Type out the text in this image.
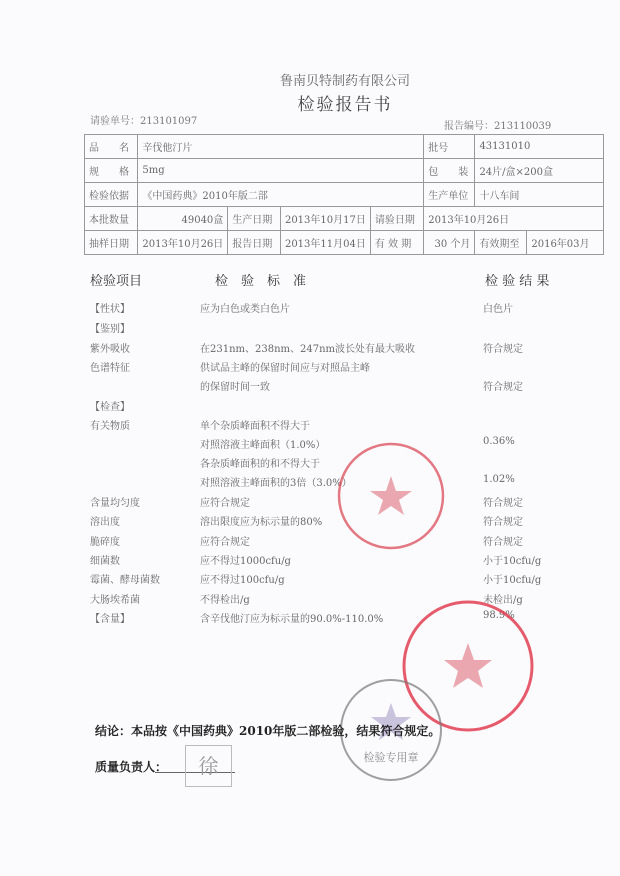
鲁南贝特制药有限公司
检验报告书
请验单号：213101097	报告编号：213110039
品　　名	辛伐他汀片				批号	43131010	
规　　格	5mg				包　　装	24片/盒×200盒	
检验依据	《中国药典》2010年版二部				生产单位	十八车间	
本批数量	49040盒	生产日期	2013年10月17日	请验日期	2013年10月26日		
抽样日期	2013年10月26日	报告日期	2013年11月04日	有 效 期	30 个月	有效期至	2016年03月
检验项目	检　验　标　准	检 验 结 果
【性状】	应为白色或类白色片	白色片
【鉴别】
紫外吸收	在231nm、238nm、247nm波长处有最大吸收	符合规定
色谱特征	供试品主峰的保留时间应与对照品主峰
的保留时间一致	符合规定
【检查】
有关物质	单个杂质峰面积不得大于
对照溶液主峰面积（1.0%）	0.36%
各杂质峰面积的和不得大于
对照溶液主峰面积的3倍（3.0%）	1.02%
含量均匀度	应符合规定	符合规定
溶出度	溶出限度应为标示量的80%	符合规定
脆碎度	应符合规定	符合规定
细菌数	应不得过1000cfu/g	小于10cfu/g
霉菌、酵母菌数	应不得过100cfu/g	小于10cfu/g
大肠埃希菌	不得检出/g	未检出/g
【含量】	含辛伐他汀应为标示量的90.0%-110.0%	98.9%
检验专用章
结论：本品按《中国药典》2010年版二部检验，结果符合规定。
质量负责人：	徐
